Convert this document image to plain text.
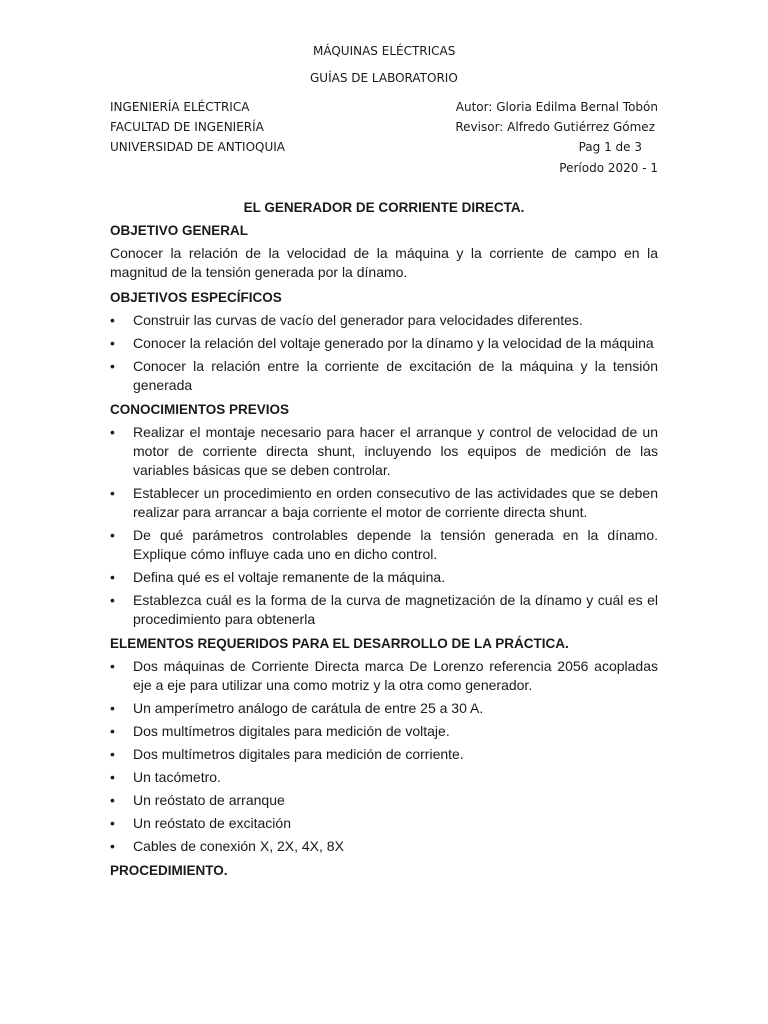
MÁQUINAS ELÉCTRICAS
GUÍAS DE LABORATORIO
INGENIERÍA ELÉCTRICA
FACULTAD DE INGENIERÍA
UNIVERSIDAD DE ANTIOQUIA
Autor: Gloria Edilma Bernal Tobón
Revisor: Alfredo Gutiérrez Gómez
Pag 1 de 3
Período 2020 - 1
EL GENERADOR DE CORRIENTE DIRECTA.
OBJETIVO GENERAL
Conocer la relación de la velocidad de la máquina y la corriente de campo en la magnitud de la tensión generada por la dínamo.
OBJETIVOS ESPECÍFICOS
• Construir las curvas de vacío del generador para velocidades diferentes.
• Conocer la relación del voltaje generado por la dínamo y la velocidad de la máquina
• Conocer la relación entre la corriente de excitación de la máquina y la tensión generada
CONOCIMIENTOS PREVIOS
• Realizar el montaje necesario para hacer el arranque y control de velocidad de un motor de corriente directa shunt, incluyendo los equipos de medición de las variables básicas que se deben controlar.
• Establecer un procedimiento en orden consecutivo de las actividades que se deben realizar para arrancar a baja corriente el motor de corriente directa shunt.
• De qué parámetros controlables depende la tensión generada en la dínamo. Explique cómo influye cada uno en dicho control.
• Defina qué es el voltaje remanente de la máquina.
• Establezca cuál es la forma de la curva de magnetización de la dínamo y cuál es el procedimiento para obtenerla
ELEMENTOS REQUERIDOS PARA EL DESARROLLO DE LA PRÁCTICA.
• Dos máquinas de Corriente Directa marca De Lorenzo referencia 2056 acopladas eje a eje para utilizar una como motriz y la otra como generador.
• Un amperímetro análogo de carátula de entre 25 a 30 A.
• Dos multímetros digitales para medición de voltaje.
• Dos multímetros digitales para medición de corriente.
• Un tacómetro.
• Un reóstato de arranque
• Un reóstato de excitación
• Cables de conexión X, 2X, 4X, 8X
PROCEDIMIENTO.
